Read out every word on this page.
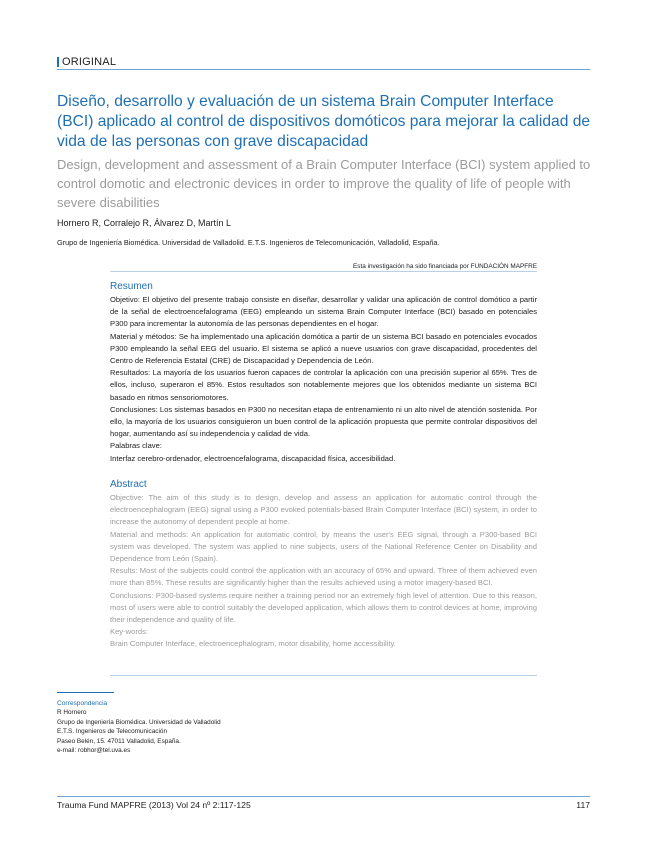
ORIGINAL
Diseño, desarrollo y evaluación de un sistema Brain Computer Interface (BCI) aplicado al control de dispositivos domóticos para mejorar la calidad de vida de las personas con grave discapacidad
Design, development and assessment of a Brain Computer Interface (BCI) system applied to control domotic and electronic devices in order to improve the quality of life of people with severe disabilities
Hornero R, Corralejo R, Álvarez D, Martín L
Grupo de Ingeniería Biomédica. Universidad de Valladolid. E.T.S. Ingenieros de Telecomunicación, Valladolid, España.
Esta investigación ha sido financiada por FUNDACIÓN MAPFRE
Resumen

Objetivo: El objetivo del presente trabajo consiste en diseñar, desarrollar y validar una aplicación de control domótico a partir de la señal de electroencefalograma (EEG) empleando un sistema Brain Computer Interface (BCI) basado en potenciales P300 para incrementar la autonomía de las personas dependientes en el hogar.

Material y métodos: Se ha implementado una aplicación domótica a partir de un sistema BCI basado en potenciales evocados P300 empleando la señal EEG del usuario. El sistema se aplicó a nueve usuarios con grave discapacidad, procedentes del Centro de Referencia Estatal (CRE) de Discapacidad y Dependencia de León.

Resultados: La mayoría de los usuarios fueron capaces de controlar la aplicación con una precisión superior al 65%. Tres de ellos, incluso, superaron el 85%. Estos resultados son notablemente mejores que los obtenidos mediante un sistema BCI basado en ritmos sensoriomotores.

Conclusiones: Los sistemas basados en P300 no necesitan etapa de entrenamiento ni un alto nivel de atención sostenida. Por ello, la mayoría de los usuarios consiguieron un buen control de la aplicación propuesta que permite controlar dispositivos del hogar, aumentando así su independencia y calidad de vida.

Palabras clave:

Interfaz cerebro-ordenador, electroencefalograma, discapacidad física, accesibilidad.

Abstract

Objective: The aim of this study is to design, develop and assess an application for automatic control through the electroencephalogram (EEG) signal using a P300 evoked potentials-based Brain Computer Interface (BCI) system, in order to increase the autonomy of dependent people at home.

Material and methods: An application for automatic control, by means the user's EEG signal, through a P300-based BCI system was developed. The system was applied to nine subjects, users of the National Reference Center on Disability and Dependence from León (Spain).

Results: Most of the subjects could control the application with an accuracy of 65% and upward. Three of them achieved even more than 85%. These results are significantly higher than the results achieved using a motor imagery-based BCI.

Conclusions: P300-based systems require neither a training period nor an extremely high level of attention. Due to this reason, most of users were able to control suitably the developed application, which allows them to control devices at home, improving their independence and quality of life.

Key-words:

Brain Computer Interface, electroencephalogram, motor disability, home accessibility.

Correspondencia
R Hornero
Grupo de Ingeniería Biomédica. Universidad de Valladolid
E.T.S. Ingenieros de Telecomunicación
Paseo Belén, 15. 47011 Valladolid, España.
e-mail: robhor@tel.uva.es
Trauma Fund MAPFRE (2013) Vol 24 nº 2:117-125	117
